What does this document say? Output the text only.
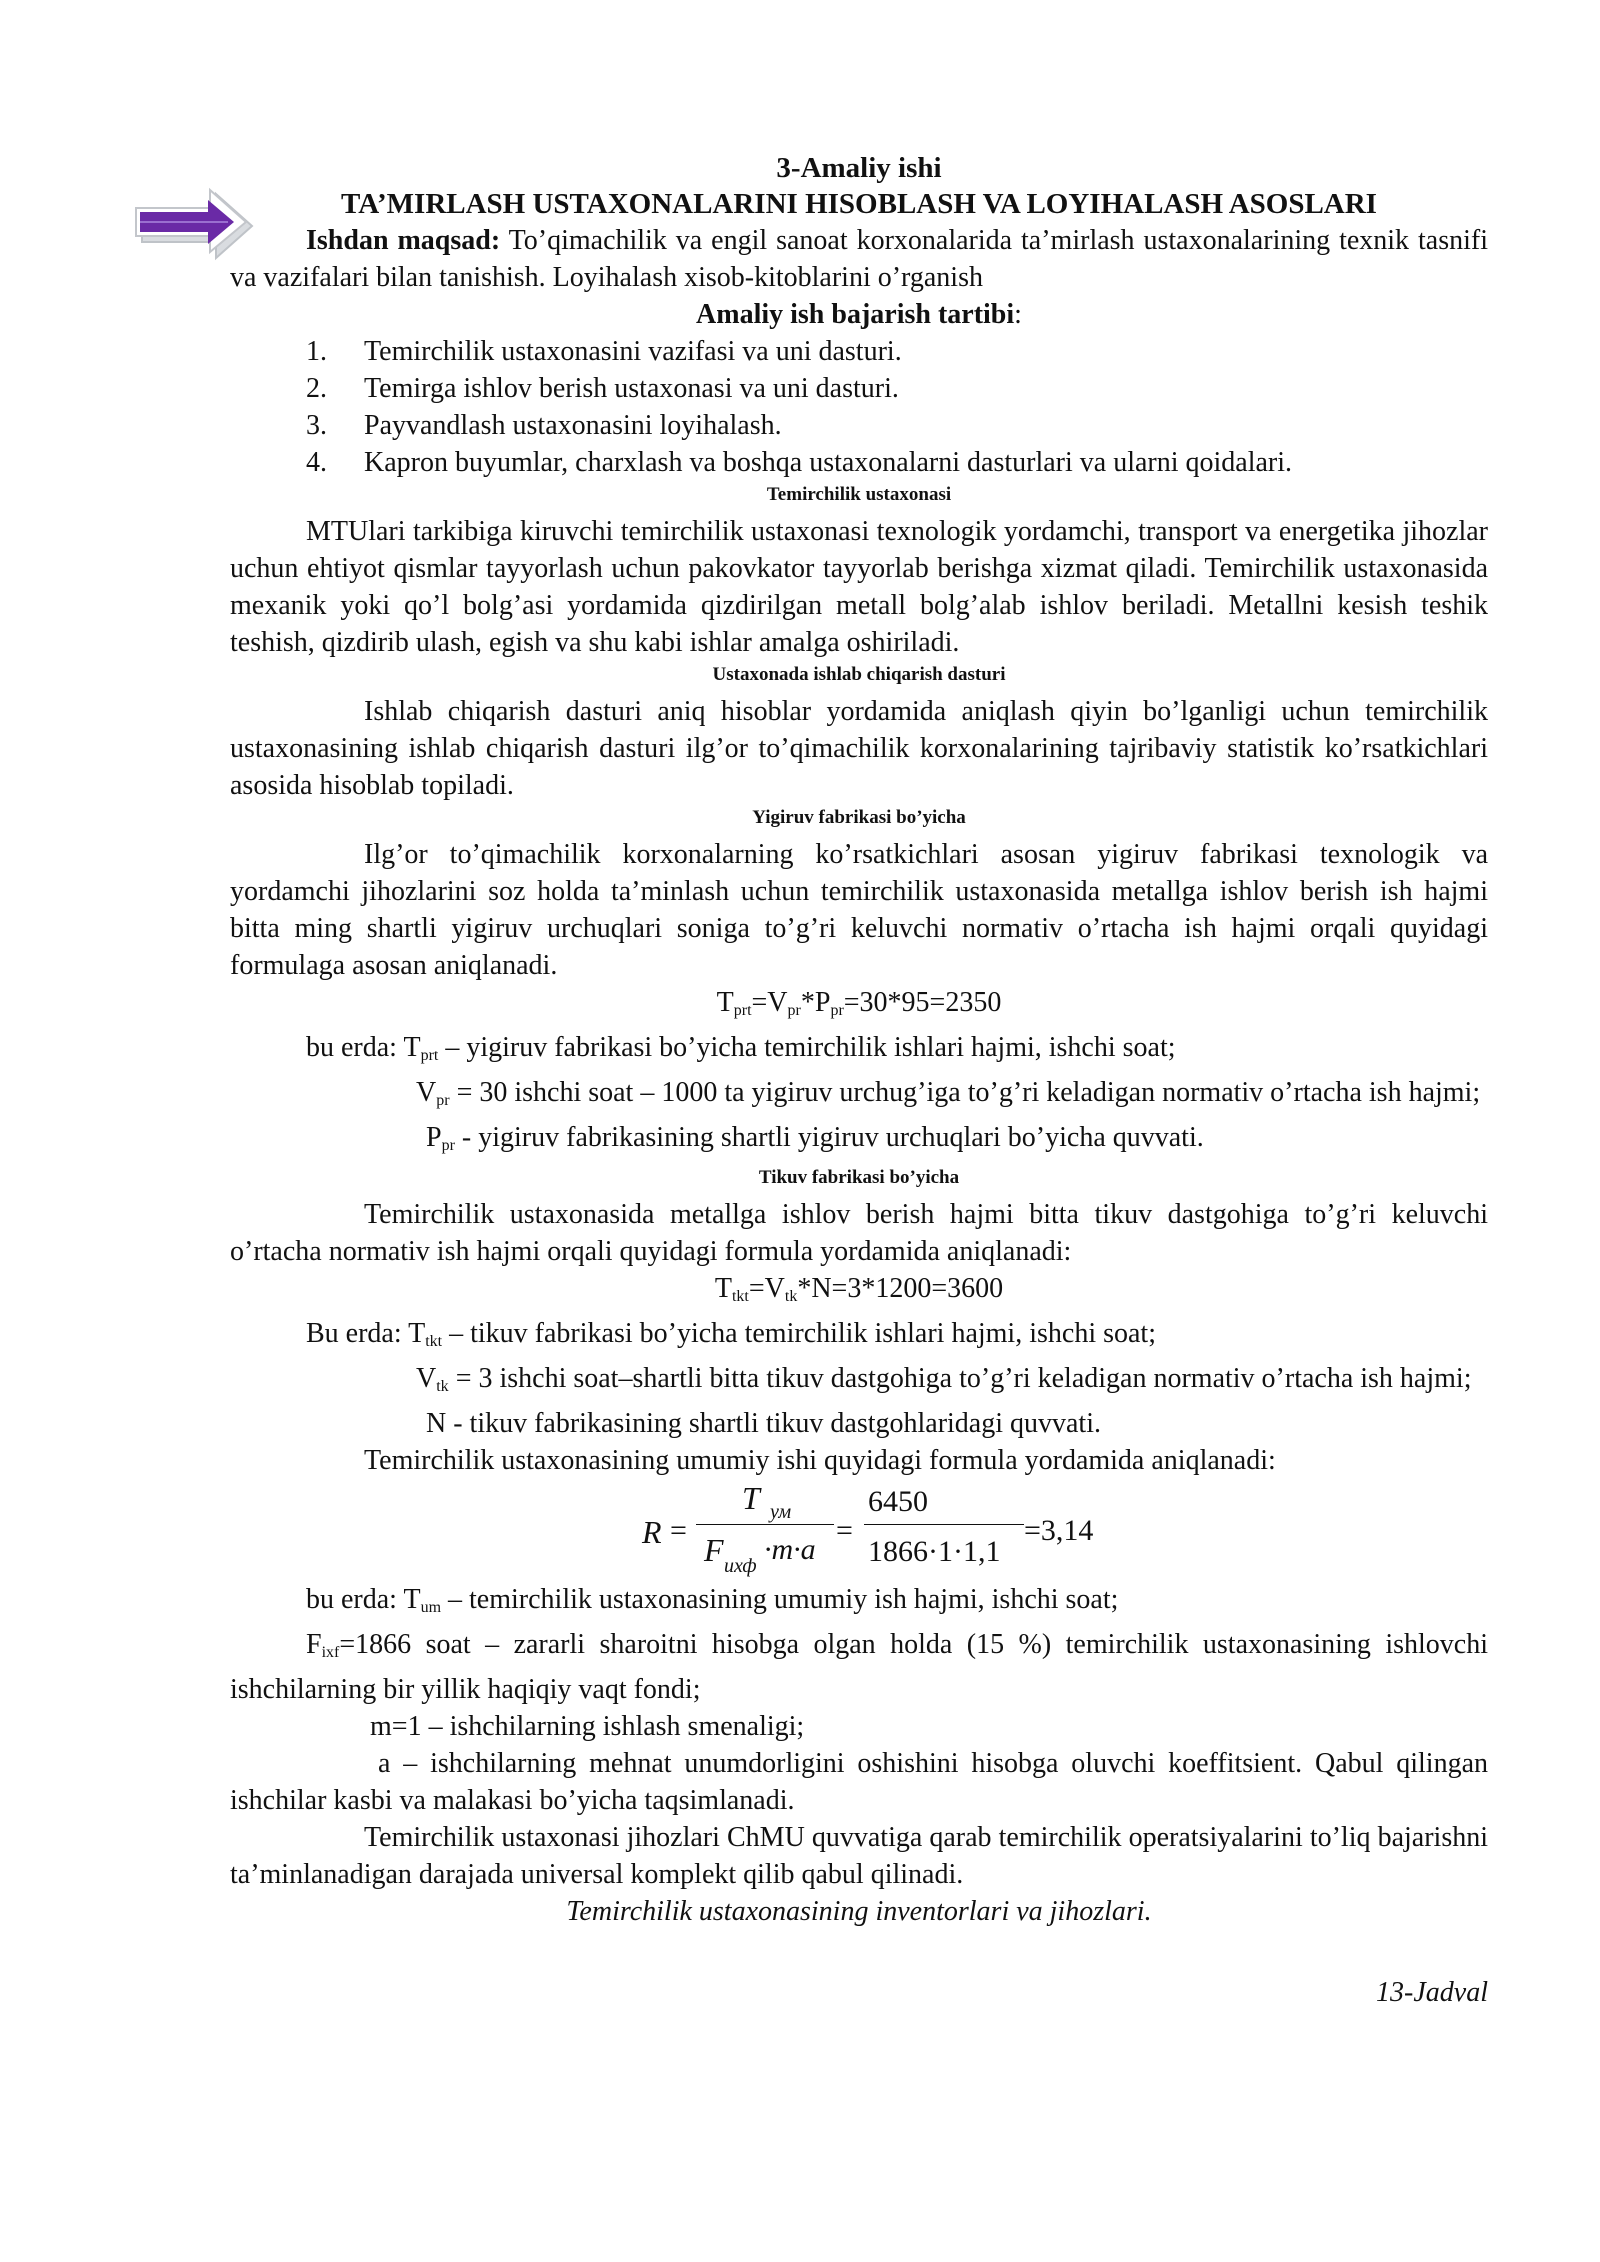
3-Amaliy ishi

TA’MIRLASH USTAXONALARINI HISOBLASH VA LOYIHALASH ASOSLARI

Ishdan maqsad: To’qimachilik va engil sanoat korxonalarida ta’mirlash ustaxonalarining texnik tasnifi va vazifalari bilan tanishish. Loyihalash xisob-kitoblarini o’rganish

Amaliy ish bajarish tartibi:

1. Temirchilik ustaxonasini vazifasi va uni dasturi.
2. Temirga ishlov berish ustaxonasi va uni dasturi.
3. Payvandlash ustaxonasini loyihalash.
4. Kapron buyumlar, charxlash va boshqa ustaxonalarni dasturlari va ularni qoidalari.

Temirchilik ustaxonasi

MTUlari tarkibiga kiruvchi temirchilik ustaxonasi texnologik yordamchi, transport va energetika jihozlar uchun ehtiyot qismlar tayyorlash uchun pakovkator tayyorlab berishga xizmat qiladi. Temirchilik ustaxonasida mexanik yoki qo’l bolg’asi yordamida qizdirilgan metall bolg’alab ishlov beriladi. Metallni kesish teshik teshish, qizdirib ulash, egish va shu kabi ishlar amalga oshiriladi.

Ustaxonada ishlab chiqarish dasturi

Ishlab chiqarish dasturi aniq hisoblar yordamida aniqlash qiyin bo’lganligi uchun temirchilik ustaxonasining ishlab chiqarish dasturi ilg’or to’qimachilik korxonalarining tajribaviy statistik ko’rsatkichlari asosida hisoblab topiladi.

Yigiruv fabrikasi bo’yicha

Ilg’or to’qimachilik korxonalarning ko’rsatkichlari asosan yigiruv fabrikasi texnologik va yordamchi jihozlarini soz holda ta’minlash uchun temirchilik ustaxonasida metallga ishlov berish ish hajmi bitta ming shartli yigiruv urchuqlari soniga to’g’ri keluvchi normativ o’rtacha ish hajmi orqali quyidagi formulaga asosan aniqlanadi.

$T_{prt}=V_{pr}*P_{pr}=30*95=2350$

bu erda: $T_{prt}$ – yigiruv fabrikasi bo’yicha temirchilik ishlari hajmi, ishchi soat;

$V_{pr} = 30$ ishchi soat – 1000 ta yigiruv urchug’iga to’g’ri keladigan normativ o’rtacha ish hajmi;

$P_{pr}$ - yigiruv fabrikasining shartli yigiruv urchuqlari bo’yicha quvvati.

Tikuv fabrikasi bo’yicha

Temirchilik ustaxonasida metallga ishlov berish hajmi bitta tikuv dastgohiga to’g’ri keluvchi o’rtacha normativ ish hajmi orqali quyidagi formula yordamida aniqlanadi:

$T_{tkt}=V_{tk}*N=3*1200=3600$

Bu erda: $T_{tkt}$ – tikuv fabrikasi bo’yicha temirchilik ishlari hajmi, ishchi soat;

$V_{tk} = 3$ ishchi soat–shartli bitta tikuv dastgohiga to’g’ri keladigan normativ o’rtacha ish hajmi;

N - tikuv fabrikasining shartli tikuv dastgohlaridagi quvvati.

Temirchilik ustaxonasining umumiy ishi quyidagi formula yordamida aniqlanadi:

R =
T ум
F ихф ·m·a
=
6450
1866·1·1,1
=3,14

bu erda: $T_{um}$ – temirchilik ustaxonasining umumiy ish hajmi, ishchi soat;

$F_{ixf}=1866$ soat – zararli sharoitni hisobga olgan holda (15 %) temirchilik ustaxonasining ishlovchi ishchilarning bir yillik haqiqiy vaqt fondi;

m=1 – ishchilarning ishlash smenaligi;

a – ishchilarning mehnat unumdorligini oshishini hisobga oluvchi koeffitsient. Qabul qilingan ishchilar kasbi va malakasi bo’yicha taqsimlanadi.

Temirchilik ustaxonasi jihozlari ChMU quvvatiga qarab temirchilik operatsiyalarini to’liq bajarishni ta’minlanadigan darajada universal komplekt qilib qabul qilinadi.

Temirchilik ustaxonasining inventorlari va jihozlari.

13-Jadval
